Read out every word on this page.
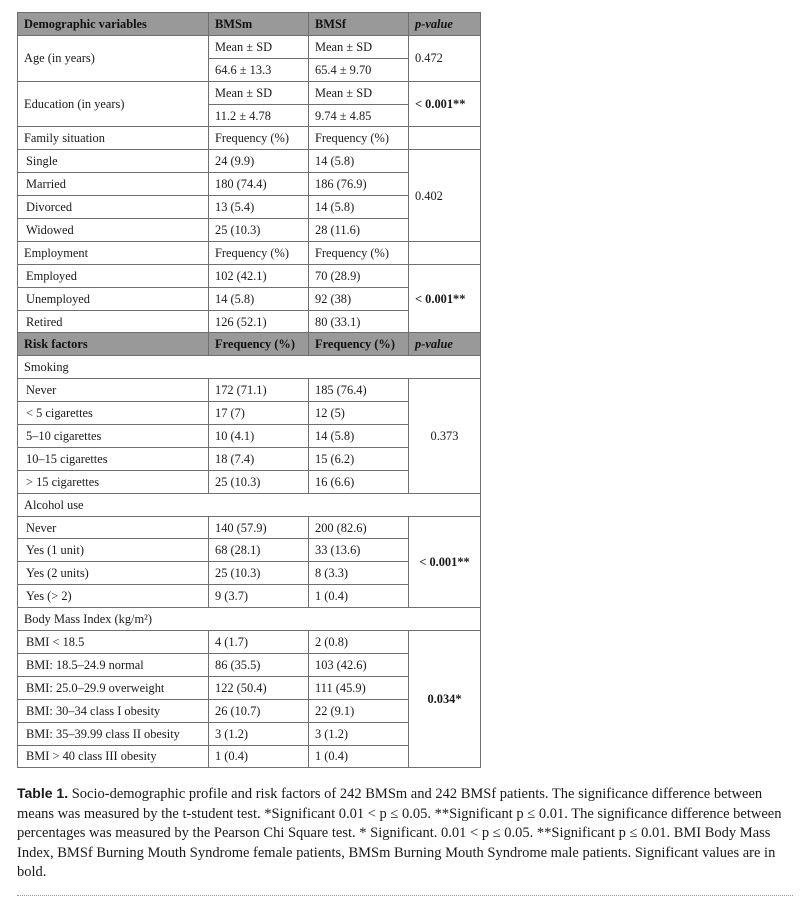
Demographic variables	BMSm	BMSf	p-value
Age (in years)	Mean ± SD	Mean ± SD	0.472
	64.6 ± 13.3	65.4 ± 9.70	
Education (in years)	Mean ± SD	Mean ± SD	< 0.001**
	11.2 ± 4.78	9.74 ± 4.85	
Family situation	Frequency (%)	Frequency (%)	
Single	24 (9.9)	14 (5.8)	0.402
Married	180 (74.4)	186 (76.9)	
Divorced	13 (5.4)	14 (5.8)	
Widowed	25 (10.3)	28 (11.6)	
Employment	Frequency (%)	Frequency (%)	
Employed	102 (42.1)	70 (28.9)	< 0.001**
Unemployed	14 (5.8)	92 (38)	
Retired	126 (52.1)	80 (33.1)	
Risk factors	Frequency (%)	Frequency (%)	p-value
Smoking			
Never	172 (71.1)	185 (76.4)	0.373
< 5 cigarettes	17 (7)	12 (5)	
5–10 cigarettes	10 (4.1)	14 (5.8)	
10–15 cigarettes	18 (7.4)	15 (6.2)	
> 15 cigarettes	25 (10.3)	16 (6.6)	
Alcohol use			
Never	140 (57.9)	200 (82.6)	< 0.001**
Yes (1 unit)	68 (28.1)	33 (13.6)	
Yes (2 units)	25 (10.3)	8 (3.3)	
Yes (> 2)	9 (3.7)	1 (0.4)	
Body Mass Index (kg/m²)			
BMI < 18.5	4 (1.7)	2 (0.8)	0.034*
BMI: 18.5–24.9 normal	86 (35.5)	103 (42.6)	
BMI: 25.0–29.9 overweight	122 (50.4)	111 (45.9)	
BMI: 30–34 class I obesity	26 (10.7)	22 (9.1)	
BMI: 35–39.99 class II obesity	3 (1.2)	3 (1.2)	
BMI > 40 class III obesity	1 (0.4)	1 (0.4)	
Table 1. Socio-demographic profile and risk factors of 242 BMSm and 242 BMSf patients. The significance difference between means was measured by the t-student test. *Significant 0.01 < p ≤ 0.05. **Significant p ≤ 0.01. The significance difference between percentages was measured by the Pearson Chi Square test. * Significant. 0.01 < p ≤ 0.05. **Significant p ≤ 0.01. BMI Body Mass Index, BMSf Burning Mouth Syndrome female patients, BMSm Burning Mouth Syndrome male patients. Significant values are in bold.
